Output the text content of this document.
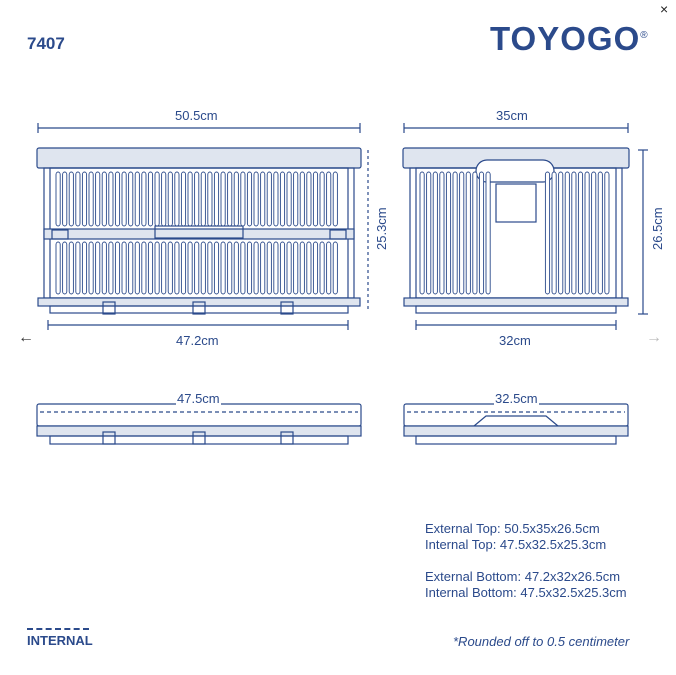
×
7407	TOYOGO®
50.5cm
25.3cm
47.2cm
35cm
26.5cm
32cm
47.5cm	32.5cm
←	→
External Top: 50.5x35x26.5cm
Internal Top: 47.5x32.5x25.3cm
External Bottom: 47.2x32x26.5cm
Internal Bottom: 47.5x32.5x25.3cm
INTERNAL	*Rounded off to 0.5 centimeter
